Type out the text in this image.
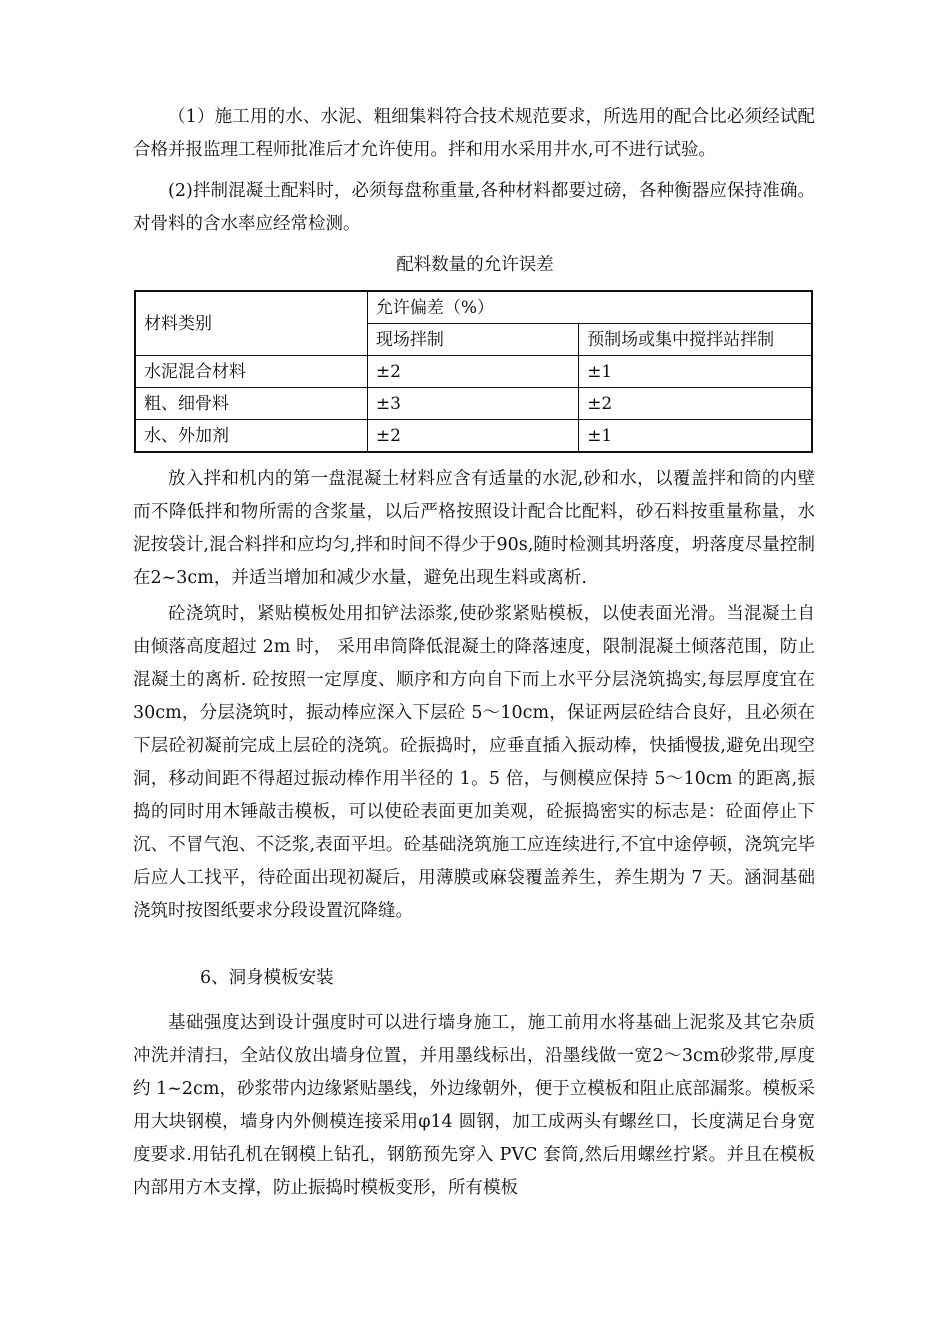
（1）施工用的水、水泥、粗细集料符合技术规范要求，所选用的配合比必须经试配合格并报监理工程师批准后才允许使用。拌和用水采用井水,可不进行试验。

(2)拌制混凝土配料时，必须每盘称重量,各种材料都要过磅，各种衡器应保持准确。对骨料的含水率应经常检测。

配料数量的允许误差

材料类别	允许偏差（%）	
	现场拌制	预制场或集中搅拌站拌制
水泥混合材料	±2	±1
粗、细骨料	±3	±2
水、外加剂	±2	±1

放入拌和机内的第一盘混凝土材料应含有适量的水泥,砂和水，以覆盖拌和筒的内壁而不降低拌和物所需的含浆量，以后严格按照设计配合比配料，砂石料按重量称量，水泥按袋计,混合料拌和应均匀,拌和时间不得少于90s,随时检测其坍落度，坍落度尽量控制在2~3cm，并适当增加和减少水量，避免出现生料或离析.

砼浇筑时，紧贴模板处用扣铲法添浆,使砂浆紧贴模板，以使表面光滑。当混凝土自由倾落高度超过 2m 时， 采用串筒降低混凝土的降落速度，限制混凝土倾落范围，防止混凝土的离析. 砼按照一定厚度、顺序和方向自下而上水平分层浇筑捣实,每层厚度宜在30cm，分层浇筑时，振动棒应深入下层砼 5～10cm，保证两层砼结合良好，且必须在下层砼初凝前完成上层砼的浇筑。砼振捣时，应垂直插入振动棒，快插慢拔,避免出现空洞，移动间距不得超过振动棒作用半径的 1。5 倍，与侧模应保持 5～10cm 的距离,振捣的同时用木锤敲击模板，可以使砼表面更加美观，砼振捣密实的标志是：砼面停止下沉、不冒气泡、不泛浆,表面平坦。砼基础浇筑施工应连续进行,不宜中途停顿，浇筑完毕后应人工找平，待砼面出现初凝后，用薄膜或麻袋覆盖养生，养生期为 7 天。涵洞基础浇筑时按图纸要求分段设置沉降缝。

6、洞身模板安装

基础强度达到设计强度时可以进行墙身施工，施工前用水将基础上泥浆及其它杂质冲洗并清扫，全站仪放出墙身位置，并用墨线标出，沿墨线做一宽2～3cm砂浆带,厚度约 1~2cm，砂浆带内边缘紧贴墨线，外边缘朝外，便于立模板和阻止底部漏浆。模板采用大块钢模，墙身内外侧模连接采用φ14 圆钢，加工成两头有螺丝口，长度满足台身宽度要求.用钻孔机在钢模上钻孔，钢筋预先穿入 PVC 套筒,然后用螺丝拧紧。并且在模板内部用方木支撑，防止振捣时模板变形，所有模板
